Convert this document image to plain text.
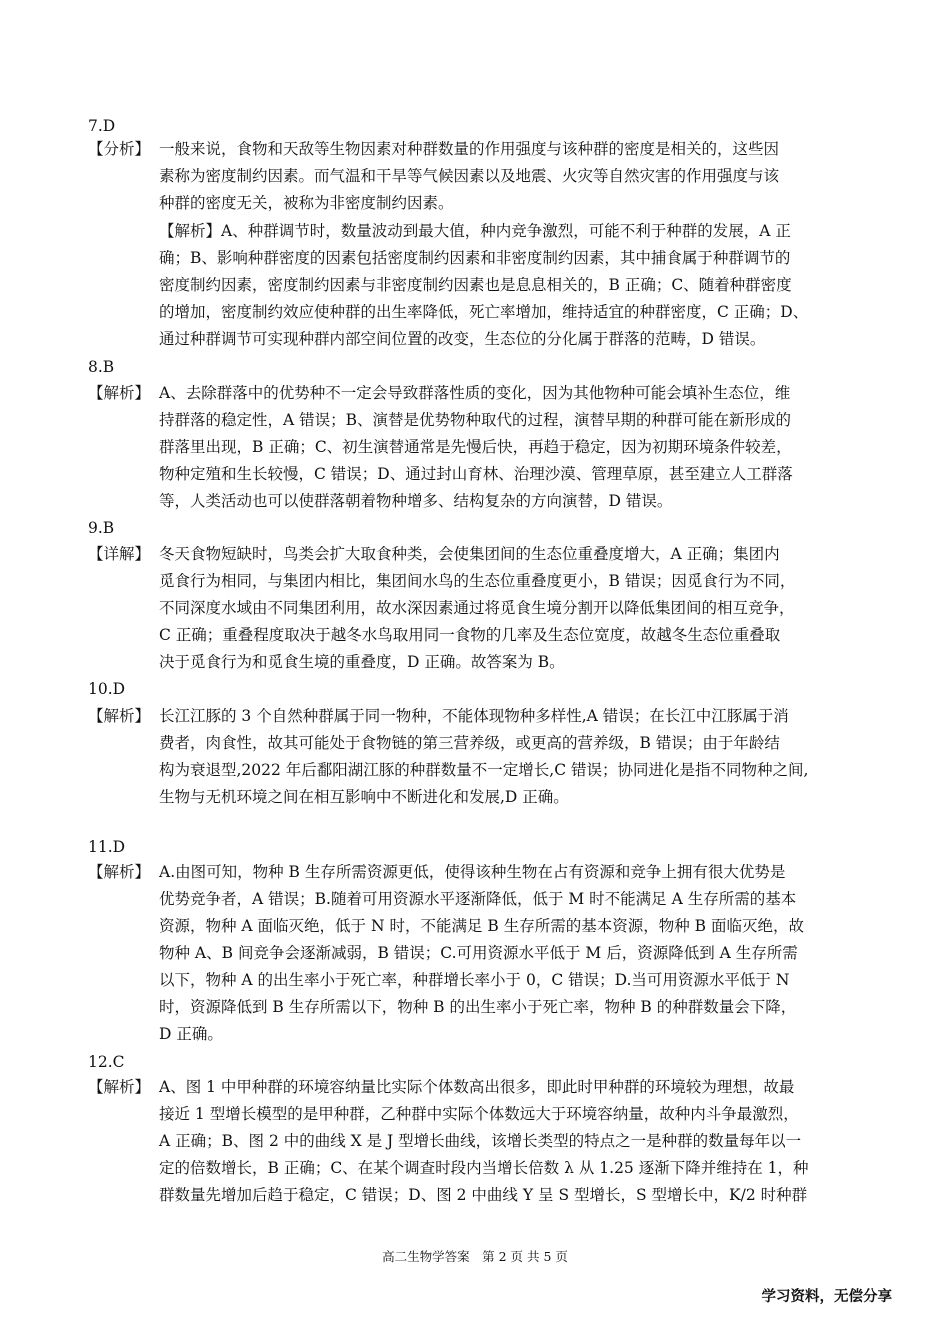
7.D
【分析】 一般来说，食物和天敌等生物因素对种群数量的作用强度与该种群的密度是相关的，这些因
素称为密度制约因素。而气温和干旱等气候因素以及地震、火灾等自然灾害的作用强度与该
种群的密度无关，被称为非密度制约因素。
【解析】A、种群调节时，数量波动到最大值，种内竞争激烈，可能不利于种群的发展，A 正
确；B、影响种群密度的因素包括密度制约因素和非密度制约因素，其中捕食属于种群调节的
密度制约因素，密度制约因素与非密度制约因素也是息息相关的，B 正确；C、随着种群密度
的增加，密度制约效应使种群的出生率降低，死亡率增加，维持适宜的种群密度，C 正确；D、
通过种群调节可实现种群内部空间位置的改变，生态位的分化属于群落的范畴，D 错误。
8.B
【解析】 A、去除群落中的优势种不一定会导致群落性质的变化，因为其他物种可能会填补生态位，维
持群落的稳定性，A 错误；B、演替是优势物种取代的过程，演替早期的种群可能在新形成的
群落里出现，B 正确；C、初生演替通常是先慢后快，再趋于稳定，因为初期环境条件较差，
物种定殖和生长较慢，C 错误；D、通过封山育林、治理沙漠、管理草原，甚至建立人工群落
等，人类活动也可以使群落朝着物种增多、结构复杂的方向演替，D 错误。
9.B
【详解】 冬天食物短缺时，鸟类会扩大取食种类，会使集团间的生态位重叠度增大，A 正确；集团内
觅食行为相同，与集团内相比，集团间水鸟的生态位重叠度更小，B 错误；因觅食行为不同，
不同深度水域由不同集团利用，故水深因素通过将觅食生境分割开以降低集团间的相互竞争，
C 正确；重叠程度取决于越冬水鸟取用同一食物的几率及生态位宽度，故越冬生态位重叠取
决于觅食行为和觅食生境的重叠度，D 正确。故答案为 B。
10.D
【解析】 长江江豚的 3 个自然种群属于同一物种，不能体现物种多样性,A 错误；在长江中江豚属于消
费者，肉食性，故其可能处于食物链的第三营养级，或更高的营养级，B 错误；由于年龄结
构为衰退型,2022 年后鄱阳湖江豚的种群数量不一定增长,C 错误；协同进化是指不同物种之间,
生物与无机环境之间在相互影响中不断进化和发展,D 正确。
11.D
【解析】 A.由图可知，物种 B 生存所需资源更低，使得该种生物在占有资源和竞争上拥有很大优势是
优势竞争者，A 错误；B.随着可用资源水平逐渐降低，低于 M 时不能满足 A 生存所需的基本
资源，物种 A 面临灭绝，低于 N 时，不能满足 B 生存所需的基本资源，物种 B 面临灭绝，故
物种 A、B 间竞争会逐渐减弱，B 错误；C.可用资源水平低于 M 后，资源降低到 A 生存所需
以下，物种 A 的出生率小于死亡率，种群增长率小于 0，C 错误；D.当可用资源水平低于 N
时，资源降低到 B 生存所需以下，物种 B 的出生率小于死亡率，物种 B 的种群数量会下降，
D 正确。
12.C
【解析】 A、图 1 中甲种群的环境容纳量比实际个体数高出很多，即此时甲种群的环境较为理想，故最
接近 1 型增长模型的是甲种群，乙种群中实际个体数远大于环境容纳量，故种内斗争最激烈，
A 正确；B、图 2 中的曲线 X 是 J 型增长曲线，该增长类型的特点之一是种群的数量每年以一
定的倍数增长，B 正确；C、在某个调查时段内当增长倍数 λ 从 1.25 逐渐下降并维持在 1，种
群数量先增加后趋于稳定，C 错误；D、图 2 中曲线 Y 呈 S 型增长，S 型增长中，K/2 时种群
高二生物学答案　第 2 页 共 5 页
学习资料，无偿分享
